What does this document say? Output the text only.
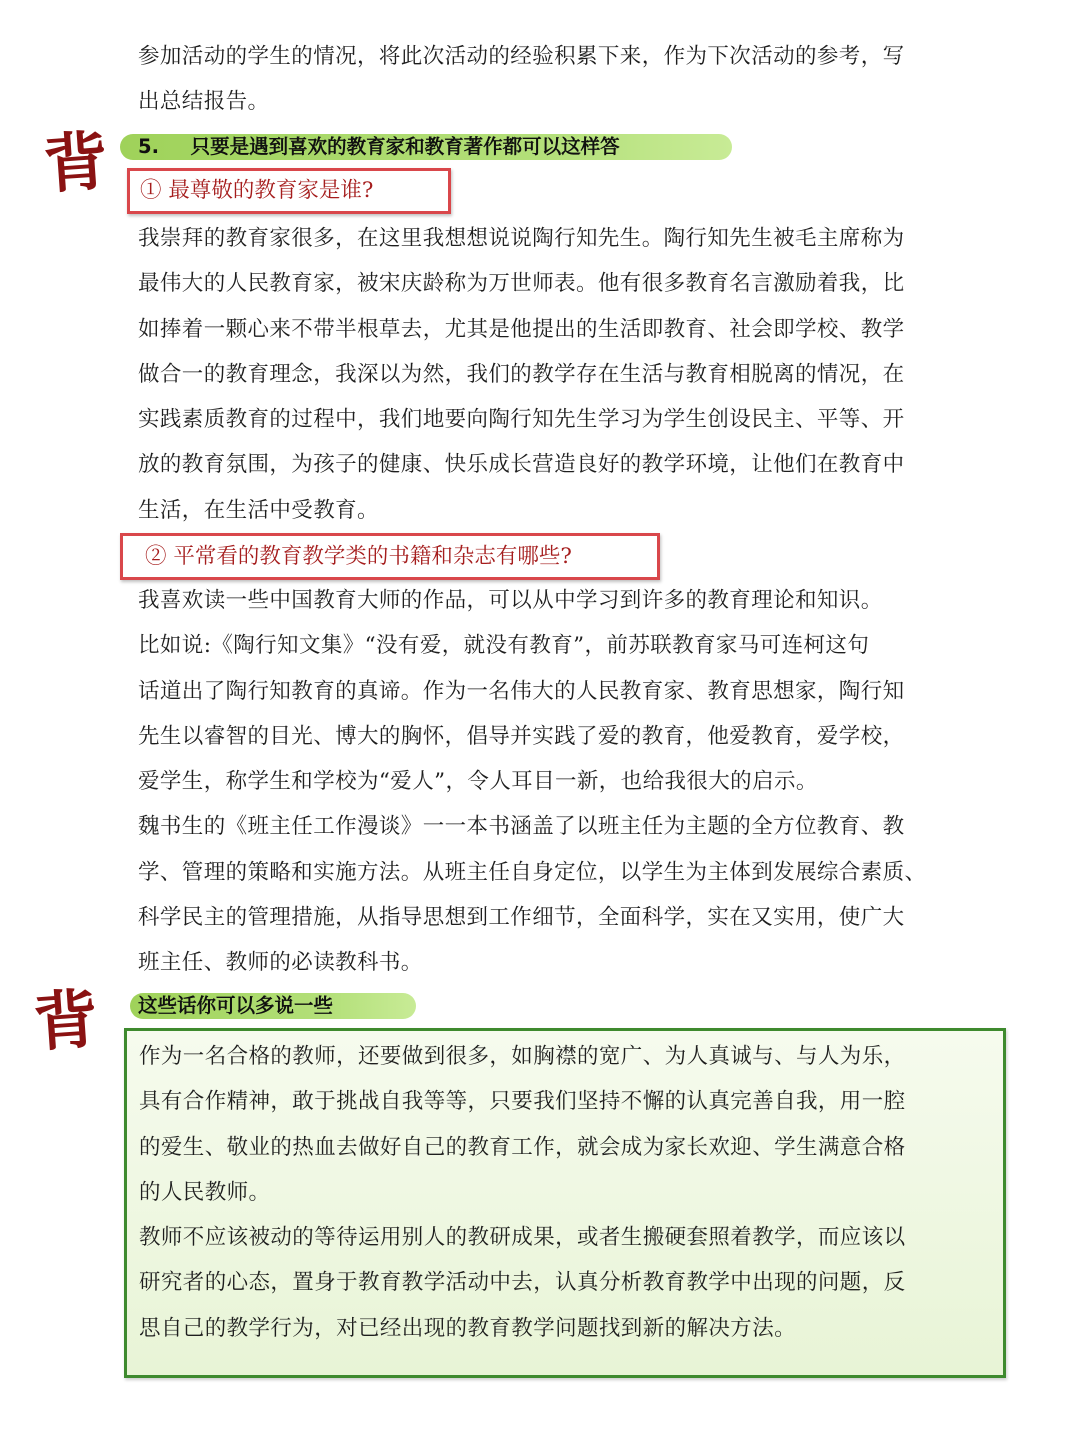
参加活动的学生的情况，将此次活动的经验积累下来，作为下次活动的参考，写
出总结报告。

背	5. 只要是遇到喜欢的教育家和教育著作都可以这样答
① 最尊敬的教育家是谁?

我崇拜的教育家很多，在这里我想想说说陶行知先生。陶行知先生被毛主席称为
最伟大的人民教育家，被宋庆龄称为万世师表。他有很多教育名言激励着我，比
如捧着一颗心来不带半根草去，尤其是他提出的生活即教育、社会即学校、教学
做合一的教育理念，我深以为然，我们的教学存在生活与教育相脱离的情况，在
实践素质教育的过程中，我们地要向陶行知先生学习为学生创设民主、平等、开
放的教育氛围，为孩子的健康、快乐成长营造良好的教学环境，让他们在教育中
生活，在生活中受教育。

② 平常看的教育教学类的书籍和杂志有哪些?

我喜欢读一些中国教育大师的作品，可以从中学习到许多的教育理论和知识。
比如说:《陶行知文集》“没有爱，就没有教育”，前苏联教育家马可连柯这句
话道出了陶行知教育的真谛。作为一名伟大的人民教育家、教育思想家，陶行知
先生以睿智的目光、博大的胸怀，倡导并实践了爱的教育，他爱教育，爱学校，
爱学生，称学生和学校为“爱人”，令人耳目一新，也给我很大的启示。
魏书生的《班主任工作漫谈》一一本书涵盖了以班主任为主题的全方位教育、教
学、管理的策略和实施方法。从班主任自身定位，以学生为主体到发展综合素质、
科学民主的管理措施，从指导思想到工作细节，全面科学，实在又实用，使广大
班主任、教师的必读教科书。

背	这些话你可以多说一些

作为一名合格的教师，还要做到很多，如胸襟的宽广、为人真诚与、与人为乐，
具有合作精神，敢于挑战自我等等，只要我们坚持不懈的认真完善自我，用一腔
的爱生、敬业的热血去做好自己的教育工作，就会成为家长欢迎、学生满意合格
的人民教师。
教师不应该被动的等待运用别人的教研成果，或者生搬硬套照着教学，而应该以
研究者的心态，置身于教育教学活动中去，认真分析教育教学中出现的问题，反
思自己的教学行为，对已经出现的教育教学问题找到新的解决方法。
